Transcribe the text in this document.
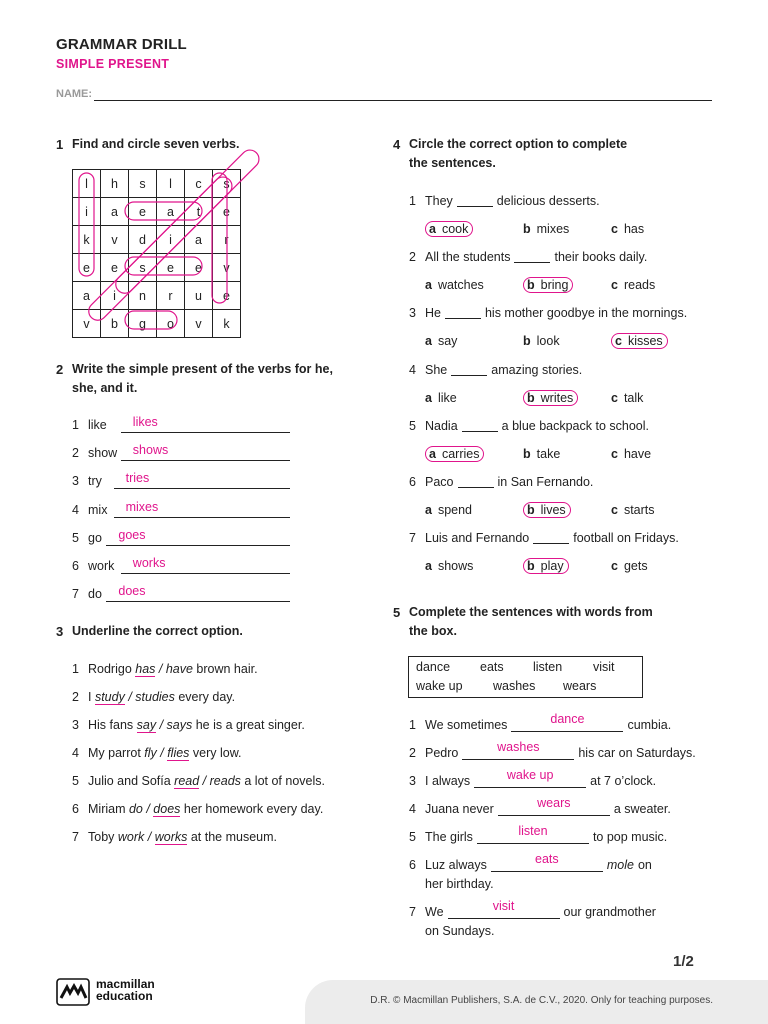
GRAMMAR DRILL
SIMPLE PRESENT
NAME:
1 Find and circle seven verbs.
l	h	s	l	c	s
i	a	e	a	t	e
k	v	d	i	a	r
e	e	s	e	e	v
a	i	n	r	u	e
v	b	g	o	v	k
2 Write the simple present of the verbs for he,
she, and it.
1 like likes
2 show shows
3 try tries
4 mix mixes
5 go goes
6 work works
7 do does
3 Underline the correct option.
1 Rodrigo has / have brown hair.
2 I study / studies every day.
3 His fans say / says he is a great singer.
4 My parrot fly / flies very low.
5 Julio and Sofía read / reads a lot of novels.
6 Miriam do / does her homework every day.
7 Toby work / works at the museum.
4 Circle the correct option to complete
the sentences.
1 They	delicious desserts.
a cook	b mixes	c has
2 All the students	their books daily.
a watches	b bring	c reads
3 He	his mother goodbye in the mornings.
a say	b look	c kisses
4 She	amazing stories.
a like	b writes	c talk
5 Nadia	a blue backpack to school.
a carries	b take	c have
6 Paco	in San Fernando.
a spend	b lives	c starts
7 Luis and Fernando	football on Fridays.
a shows	b play	c gets
5 Complete the sentences with words from
the box.
dance eats listen visit
wake up washes wears
1 We sometimes	dance	cumbia.
2 Pedro	washes	his car on Saturdays.
3 I always	wake up	at 7 o’clock.
4 Juana never	wears	a sweater.
5 The girls	listen	to pop music.
6 Luz always	eats	mole on
her birthday.
7 We	visit	our grandmother
on Sundays.
1/2
D.R. © Macmillan Publishers, S.A. de C.V., 2020. Only for teaching purposes.
macmillan
education
